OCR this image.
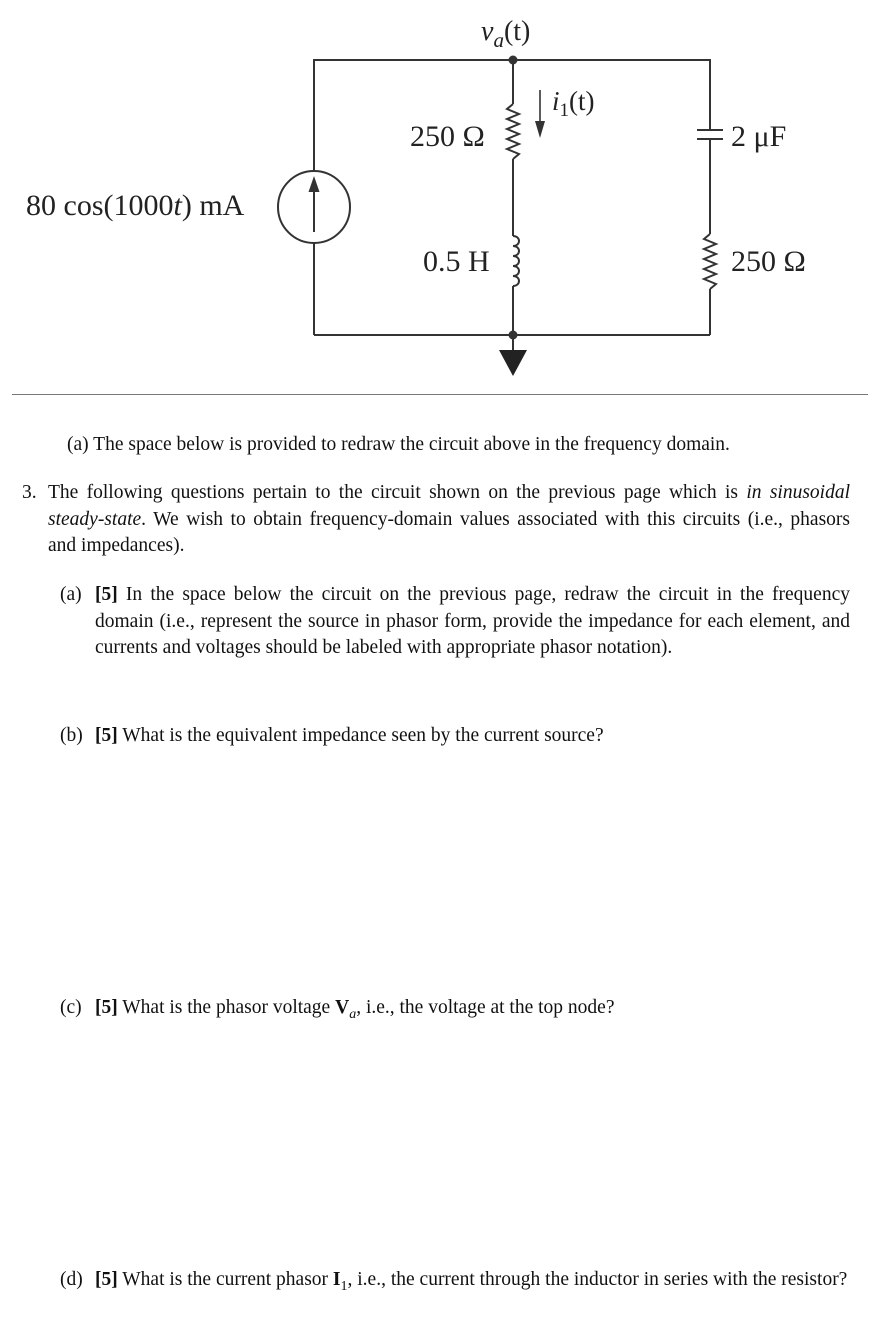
$v_a(t)$
$i_1(t)$
80 cos(1000t) mA
250 Ω
0.5 H
2 μF
250 Ω
(a) The space below is provided to redraw the circuit above in the frequency domain.
3. The following questions pertain to the circuit shown on the previous page which is in sinusoidal steady-state. We wish to obtain frequency-domain values associated with this circuits (i.e., phasors and impedances).
(a) [5] In the space below the circuit on the previous page, redraw the circuit in the frequency domain (i.e., represent the source in phasor form, provide the impedance for each element, and currents and voltages should be labeled with appropriate phasor notation).
(b) [5] What is the equivalent impedance seen by the current source?
(c) [5] What is the phasor voltage $V_a$, i.e., the voltage at the top node?
(d) [5] What is the current phasor $I_1$, i.e., the current through the inductor in series with the resistor?
